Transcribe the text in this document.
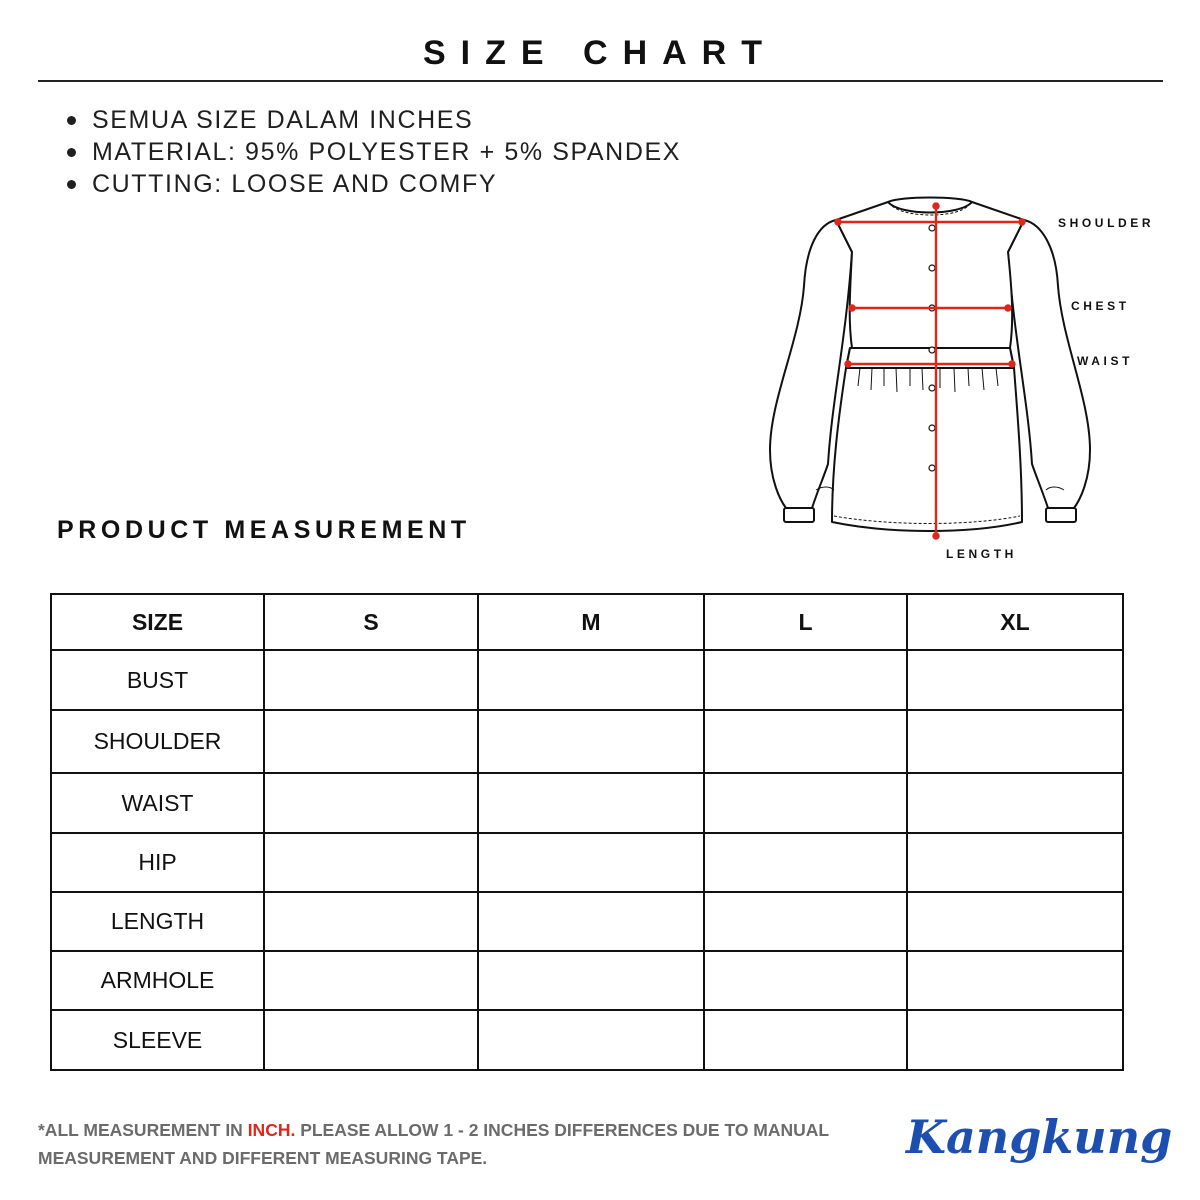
SIZE CHART
SEMUA SIZE DALAM INCHES
MATERIAL: 95% POLYESTER + 5% SPANDEX
CUTTING: LOOSE AND COMFY
SHOULDER
CHEST
WAIST
LENGTH
PRODUCT MEASUREMENT
SIZE	S	M	L	XL
BUST				
SHOULDER				
WAIST				
HIP				
LENGTH				
ARMHOLE				
SLEEVE				
*ALL MEASUREMENT IN INCH. PLEASE ALLOW 1 - 2 INCHES DIFFERENCES DUE TO MANUAL MEASUREMENT AND DIFFERENT MEASURING TAPE.	Kangkung
